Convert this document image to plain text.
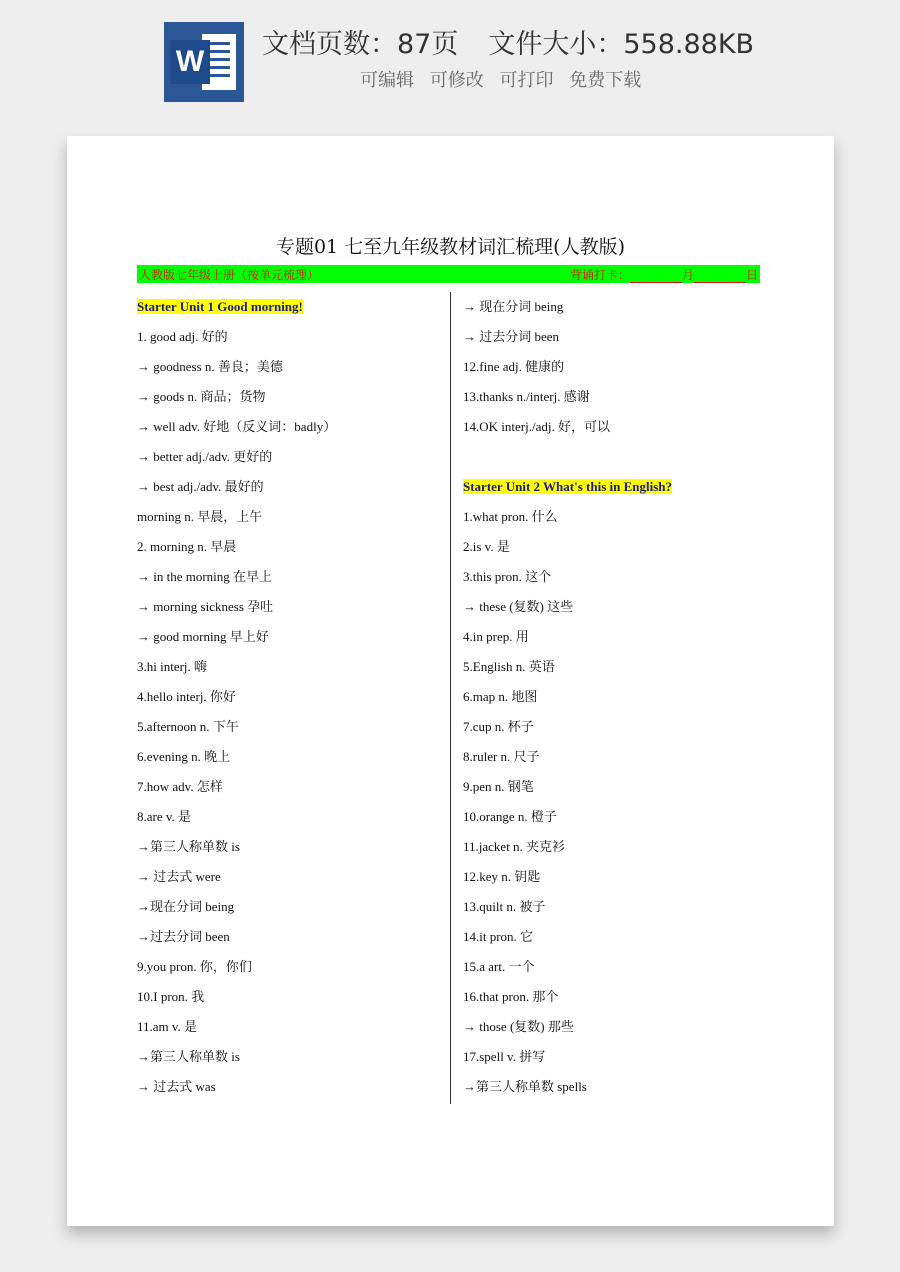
W
文档页数：87页 文件大小：558.88KB
可编辑 可修改 可打印 免费下载
专题01 七至九年级教材词汇梳理(人教版)
人教版七年级上册（按单元梳理）	背诵打卡：	月	日
Starter Unit 1 Good morning!
1. good adj. 好的
→ goodness n. 善良；美德
→ goods n. 商品；货物
→ well adv. 好地（反义词：badly）
→ better adj./adv. 更好的
→ best adj./adv. 最好的
morning n. 早晨，上午
2. morning n. 早晨
→ in the morning 在早上
→ morning sickness 孕吐
→ good morning 早上好
3.hi interj. 嗨
4.hello interj. 你好
5.afternoon n. 下午
6.evening n. 晚上
7.how adv. 怎样
8.are v. 是
→第三人称单数 is
→ 过去式 were
→现在分词 being
→过去分词 been
9.you pron. 你，你们
10.I pron. 我
11.am v. 是
→第三人称单数 is
→ 过去式 was
→ 现在分词 being
→ 过去分词 been
12.fine adj. 健康的
13.thanks n./interj. 感谢
14.OK interj./adj. 好，可以
Starter Unit 2 What's this in English?
1.what pron. 什么
2.is v. 是
3.this pron. 这个
→ these (复数) 这些
4.in prep. 用
5.English n. 英语
6.map n. 地图
7.cup n. 杯子
8.ruler n. 尺子
9.pen n. 钢笔
10.orange n. 橙子
11.jacket n. 夹克衫
12.key n. 钥匙
13.quilt n. 被子
14.it pron. 它
15.a art. 一个
16.that pron. 那个
→ those (复数) 那些
17.spell v. 拼写
→第三人称单数 spells
